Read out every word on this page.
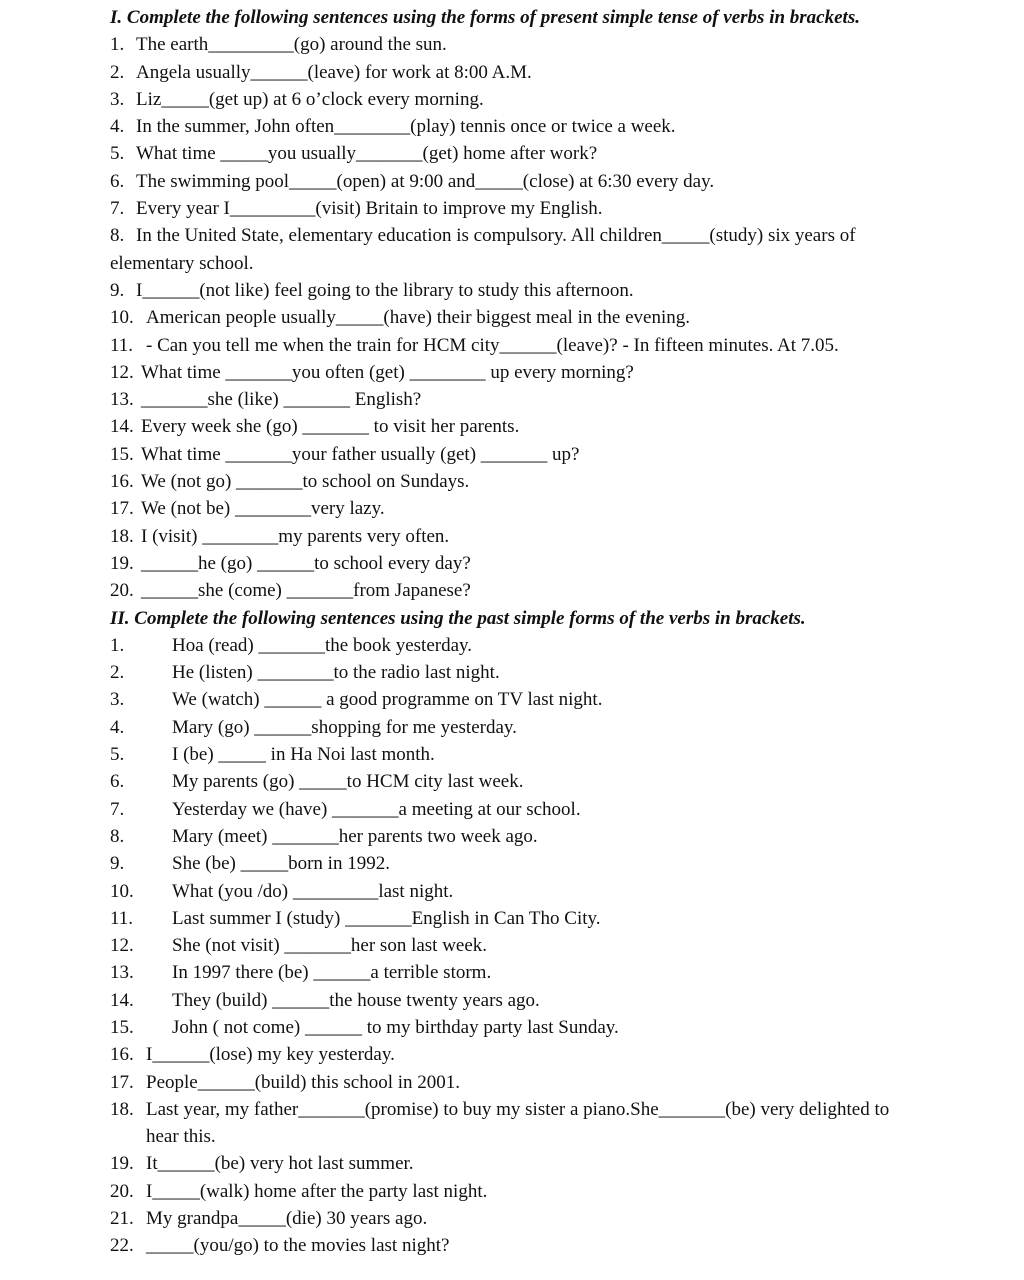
I. Complete the following sentences using the forms of present simple tense of verbs in brackets.
1. The earth_________(go) around the sun.
2. Angela usually______(leave) for work at 8:00 A.M.
3. Liz_____(get up) at 6 o’clock every morning.
4. In the summer, John often________(play) tennis once or twice a week.
5. What time _____you usually_______(get) home after work?
6. The swimming pool_____(open) at 9:00 and_____(close) at 6:30 every day.
7. Every year I_________(visit) Britain to improve my English.
8. In the United State, elementary education is compulsory. All children_____(study) six years of
elementary school.
9. I______(not like) feel going to the library to study this afternoon.
10. American people usually_____(have) their biggest meal in the evening.
11. - Can you tell me when the train for HCM city______(leave)? - In fifteen minutes. At 7.05.
12. What time _______you often (get) ________ up every morning?
13. _______she (like) _______ English?
14. Every week she (go) _______ to visit her parents.
15. What time _______your father usually (get) _______ up?
16. We (not go) _______to school on Sundays.
17. We (not be) ________very lazy.
18. I (visit) ________my parents very often.
19. ______he (go) ______to school every day?
20. ______she (come) _______from Japanese?
II. Complete the following sentences using the past simple forms of the verbs in brackets.
1.	Hoa (read) _______the book yesterday.
2.	He (listen) ________to the radio last night.
3.	We (watch) ______ a good programme on TV last night.
4.	Mary (go) ______shopping for me yesterday.
5.	I (be) _____ in Ha Noi last month.
6.	My parents (go) _____to HCM city last week.
7.	Yesterday we (have) _______a meeting at our school.
8.	Mary (meet) _______her parents two week ago.
9.	She (be) _____born in 1992.
10. What (you /do) _________last night.
11. Last summer I (study) _______English in Can Tho City.
12. She (not visit) _______her son last week.
13. In 1997 there (be) ______a terrible storm.
14. They (build) ______the house twenty years ago.
15. John ( not come) ______ to my birthday party last Sunday.
16. I______(lose) my key yesterday.
17. People______(build) this school in 2001.
18. Last year, my father_______(promise) to buy my sister a piano.She_______(be) very delighted to
hear this.
19. It______(be) very hot last summer.
20. I_____(walk) home after the party last night.
21. My grandpa_____(die) 30 years ago.
22. _____(you/go) to the movies last night?
